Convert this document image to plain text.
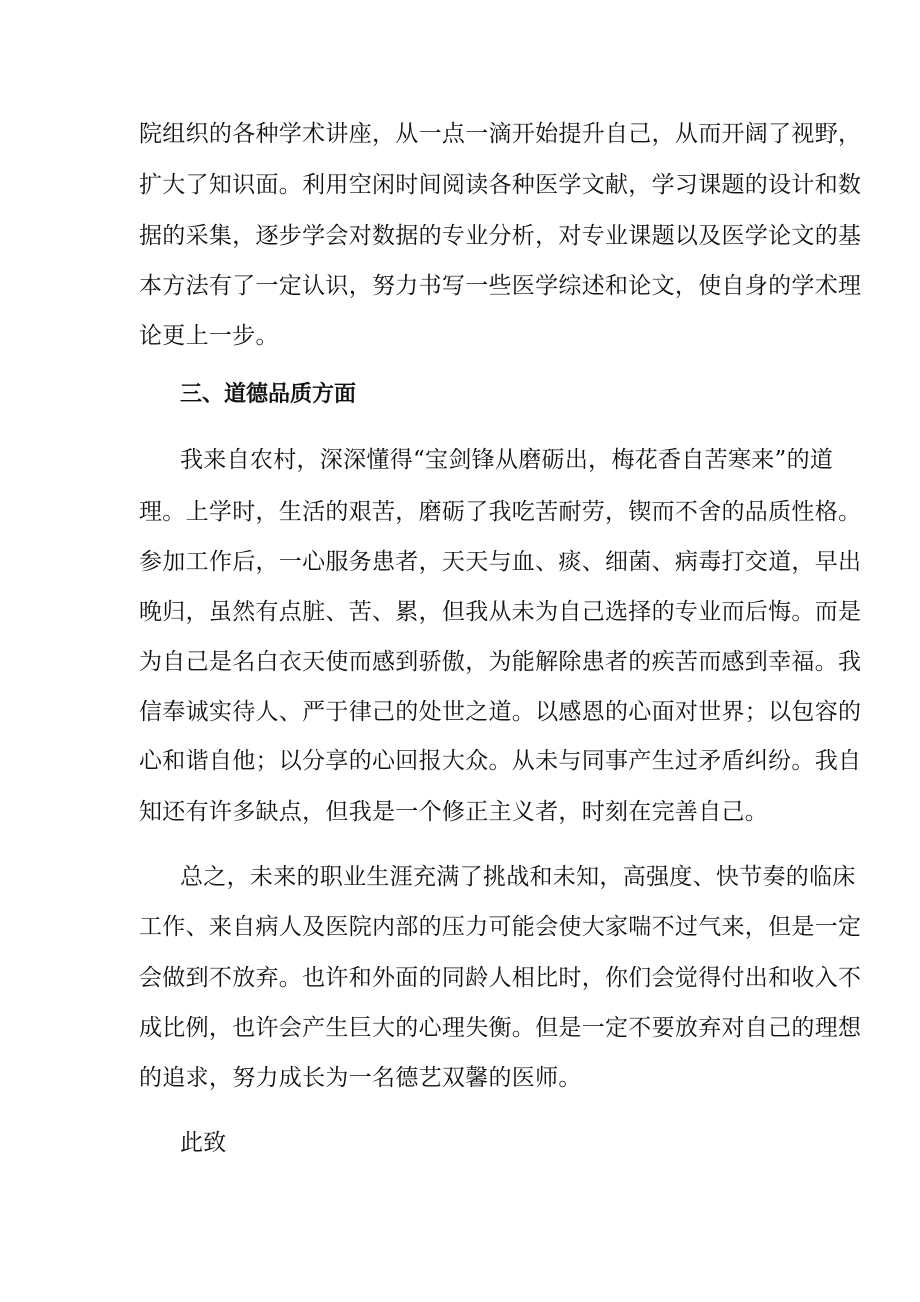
院组织的各种学术讲座，从一点一滴开始提升自己，从而开阔了视野，
扩大了知识面。利用空闲时间阅读各种医学文献，学习课题的设计和数
据的采集，逐步学会对数据的专业分析，对专业课题以及医学论文的基
本方法有了一定认识，努力书写一些医学综述和论文，使自身的学术理
论更上一步。
三、道德品质方面
我来自农村，深深懂得“宝剑锋从磨砺出，梅花香自苦寒来”的道
理。上学时，生活的艰苦，磨砺了我吃苦耐劳，锲而不舍的品质性格。
参加工作后，一心服务患者，天天与血、痰、细菌、病毒打交道，早出
晚归，虽然有点脏、苦、累，但我从未为自己选择的专业而后悔。而是
为自己是名白衣天使而感到骄傲，为能解除患者的疾苦而感到幸福。我
信奉诚实待人、严于律己的处世之道。以感恩的心面对世界；以包容的
心和谐自他；以分享的心回报大众。从未与同事产生过矛盾纠纷。我自
知还有许多缺点，但我是一个修正主义者，时刻在完善自己。
总之，未来的职业生涯充满了挑战和未知，高强度、快节奏的临床
工作、来自病人及医院内部的压力可能会使大家喘不过气来，但是一定
会做到不放弃。也许和外面的同龄人相比时，你们会觉得付出和收入不
成比例，也许会产生巨大的心理失衡。但是一定不要放弃对自己的理想
的追求，努力成长为一名德艺双馨的医师。
此致
